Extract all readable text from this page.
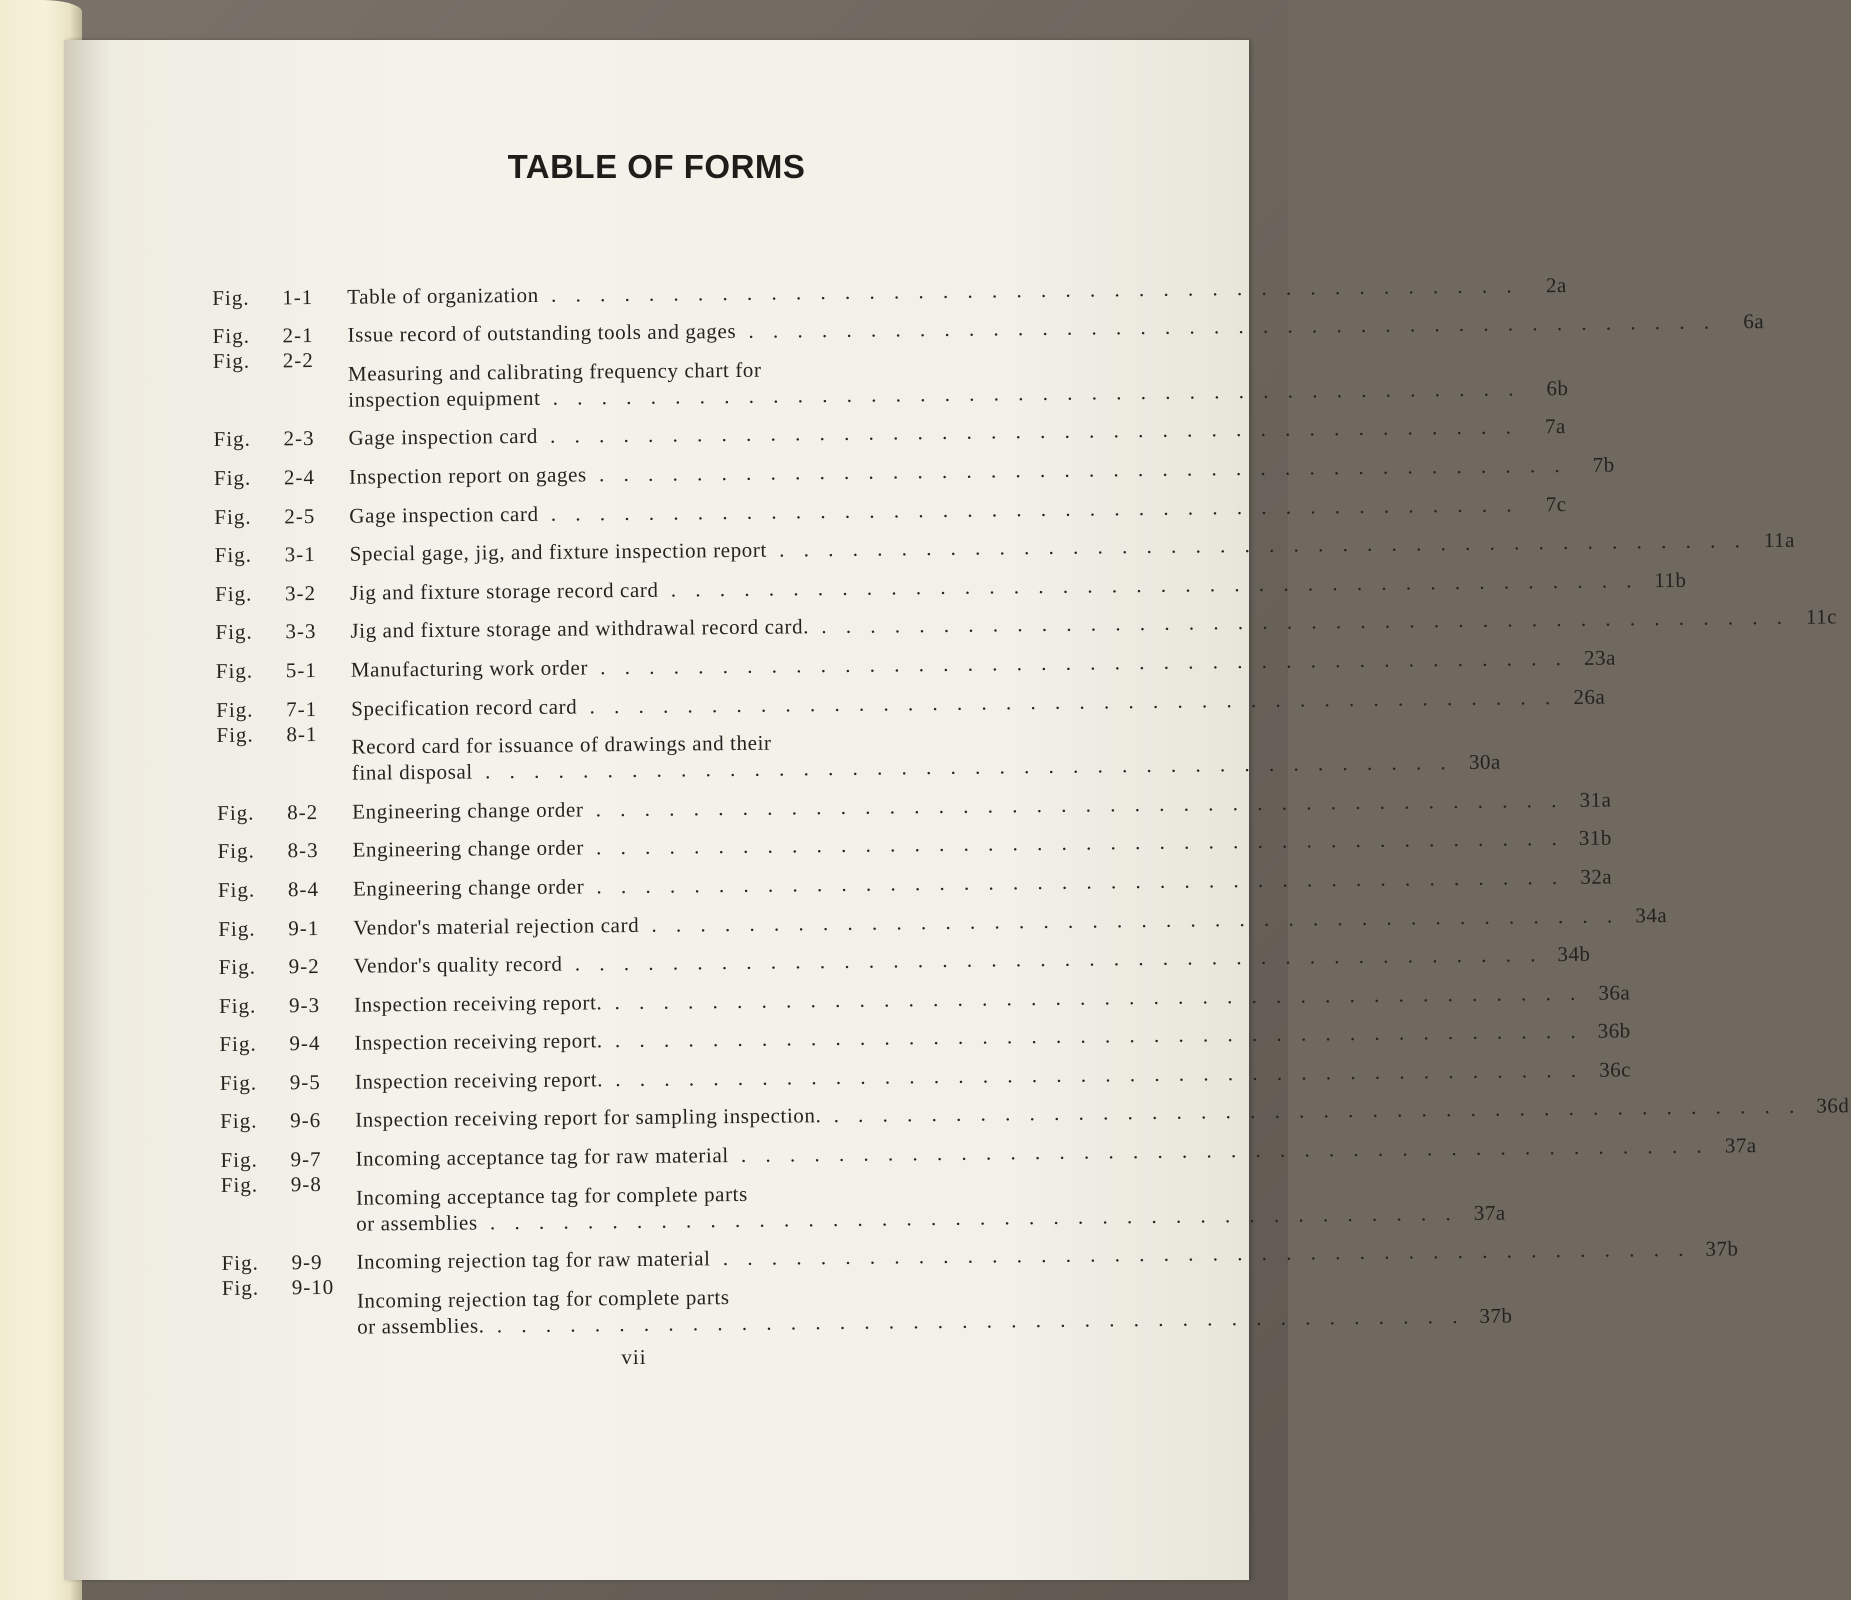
TABLE OF FORMS
Fig.	1-1	Table of organization . . . . . . . . . . . . . . . . . . . . . . . . . . . . . . . . . . . . . . . .	2a
Fig.	2-1	Issue record of outstanding tools and gages . . . . . . . . . . . . . . . . . . . . . . . . . . . . . . . . . . . . . . . .	6a
Fig.	2-2	Measuring and calibrating frequency chart for
inspection equipment . . . . . . . . . . . . . . . . . . . . . . . . . . . . . . . . . . . . . . . .	6b
Fig.	2-3	Gage inspection card . . . . . . . . . . . . . . . . . . . . . . . . . . . . . . . . . . . . . . . .	7a
Fig.	2-4	Inspection report on gages . . . . . . . . . . . . . . . . . . . . . . . . . . . . . . . . . . . . . . . .	7b
Fig.	2-5	Gage inspection card . . . . . . . . . . . . . . . . . . . . . . . . . . . . . . . . . . . . . . . .	7c
Fig.	3-1	Special gage, jig, and fixture inspection report . . . . . . . . . . . . . . . . . . . . . . . . . . . . . . . . . . . . . . . . 11a
Fig.	3-2	Jig and fixture storage record card . . . . . . . . . . . . . . . . . . . . . . . . . . . . . . . . . . . . . . . . 11b
Fig.	3-3	Jig and fixture storage and withdrawal record card. . . . . . . . . . . . . . . . . . . . . . . . . . . . . . . . . . . . . . . . . 11c
Fig.	5-1	Manufacturing work order . . . . . . . . . . . . . . . . . . . . . . . . . . . . . . . . . . . . . . . . 23a
Fig.	7-1	Specification record card . . . . . . . . . . . . . . . . . . . . . . . . . . . . . . . . . . . . . . . . 26a
Fig.	8-1	Record card for issuance of drawings and their
final disposal . . . . . . . . . . . . . . . . . . . . . . . . . . . . . . . . . . . . . . . . 30a
Fig.	8-2	Engineering change order . . . . . . . . . . . . . . . . . . . . . . . . . . . . . . . . . . . . . . . . 31a
Fig.	8-3	Engineering change order . . . . . . . . . . . . . . . . . . . . . . . . . . . . . . . . . . . . . . . . 31b
Fig.	8-4	Engineering change order . . . . . . . . . . . . . . . . . . . . . . . . . . . . . . . . . . . . . . . . 32a
Fig.	9-1	Vendor's material rejection card . . . . . . . . . . . . . . . . . . . . . . . . . . . . . . . . . . . . . . . . 34a
Fig.	9-2	Vendor's quality record . . . . . . . . . . . . . . . . . . . . . . . . . . . . . . . . . . . . . . . . 34b
Fig.	9-3	Inspection receiving report. . . . . . . . . . . . . . . . . . . . . . . . . . . . . . . . . . . . . . . . . 36a
Fig.	9-4	Inspection receiving report. . . . . . . . . . . . . . . . . . . . . . . . . . . . . . . . . . . . . . . . . 36b
Fig.	9-5	Inspection receiving report. . . . . . . . . . . . . . . . . . . . . . . . . . . . . . . . . . . . . . . . . 36c
Fig.	9-6	Inspection receiving report for sampling inspection. . . . . . . . . . . . . . . . . . . . . . . . . . . . . . . . . . . . . . . . . 36d
Fig.	9-7	Incoming acceptance tag for raw material . . . . . . . . . . . . . . . . . . . . . . . . . . . . . . . . . . . . . . . . 37a
Fig.	9-8	Incoming acceptance tag for complete parts
or assemblies . . . . . . . . . . . . . . . . . . . . . . . . . . . . . . . . . . . . . . . . 37a
Fig.	9-9	Incoming rejection tag for raw material . . . . . . . . . . . . . . . . . . . . . . . . . . . . . . . . . . . . . . . . 37b
Fig.	9-10	Incoming rejection tag for complete parts
or assemblies. . . . . . . . . . . . . . . . . . . . . . . . . . . . . . . . . . . . . . . . . 37b
vii
